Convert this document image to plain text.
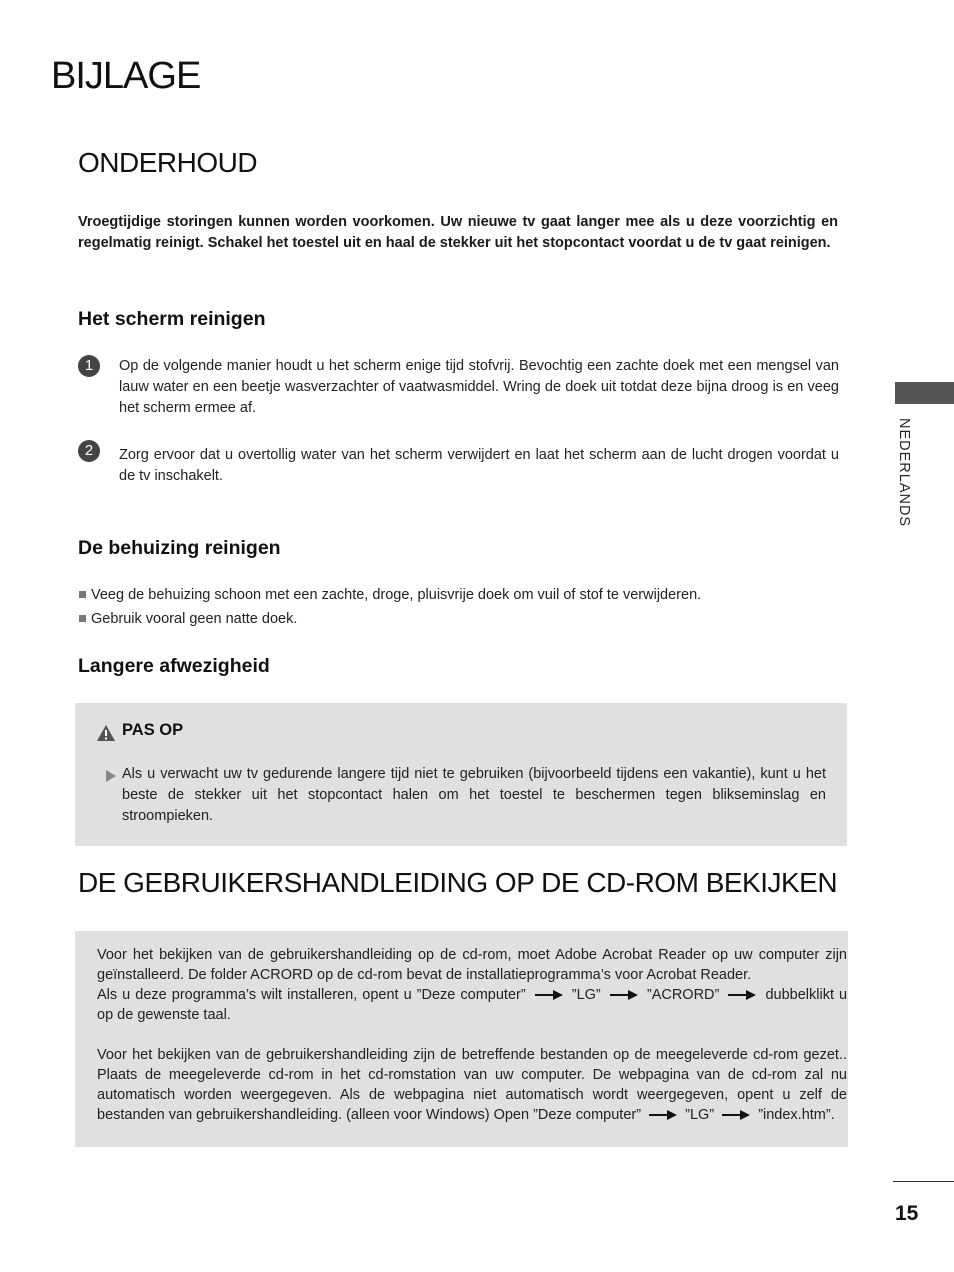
BIJLAGE
ONDERHOUD
Vroegtijdige storingen kunnen worden voorkomen. Uw nieuwe tv gaat langer mee als u deze voorzichtig en regelmatig reinigt. Schakel het toestel uit en haal de stekker uit het stopcontact voordat u de tv gaat reinigen.
Het scherm reinigen
1	Op de volgende manier houdt u het scherm enige tijd stofvrij. Bevochtig een zachte doek met een mengsel van lauw water en een beetje wasverzachter of vaatwasmiddel. Wring de doek uit totdat deze bijna droog is en veeg het scherm ermee af.
2	Zorg ervoor dat u overtollig water van het scherm verwijdert en laat het scherm aan de lucht drogen voordat u de tv inschakelt.
De behuizing reinigen
Veeg de behuizing schoon met een zachte, droge, pluisvrije doek om vuil of stof te verwijderen.
Gebruik vooral geen natte doek.
Langere afwezigheid
PAS OP
Als u verwacht uw tv gedurende langere tijd niet te gebruiken (bijvoorbeeld tijdens een vakantie), kunt u het beste de stekker uit het stopcontact halen om het toestel te beschermen tegen blikseminslag en stroompieken.
DE GEBRUIKERSHANDLEIDING OP DE CD-ROM BEKIJKEN

Voor het bekijken van de gebruikershandleiding op de cd-rom, moet Adobe Acrobat Reader op uw computer zijn geïnstalleerd. De folder ACRORD op de cd-rom bevat de installatieprogramma’s voor Acrobat Reader.
Als u deze programma’s wilt installeren, opent u ”Deze computer”	”LG”	”ACRORD”	dubbelklikt u op de gewenste taal.

Voor het bekijken van de gebruikershandleiding zijn de betreffende bestanden op de meegeleverde cd-rom gezet.. Plaats de meegeleverde cd-rom in het cd-romstation van uw computer. De webpagina van de cd-rom zal nu automatisch worden weergegeven. Als de webpagina niet automatisch wordt weergegeven, opent u zelf de bestanden van gebruikershandleiding. (alleen voor Windows) Open ”Deze computer”	”LG”	”index.htm”.

NEDERLANDS
15
